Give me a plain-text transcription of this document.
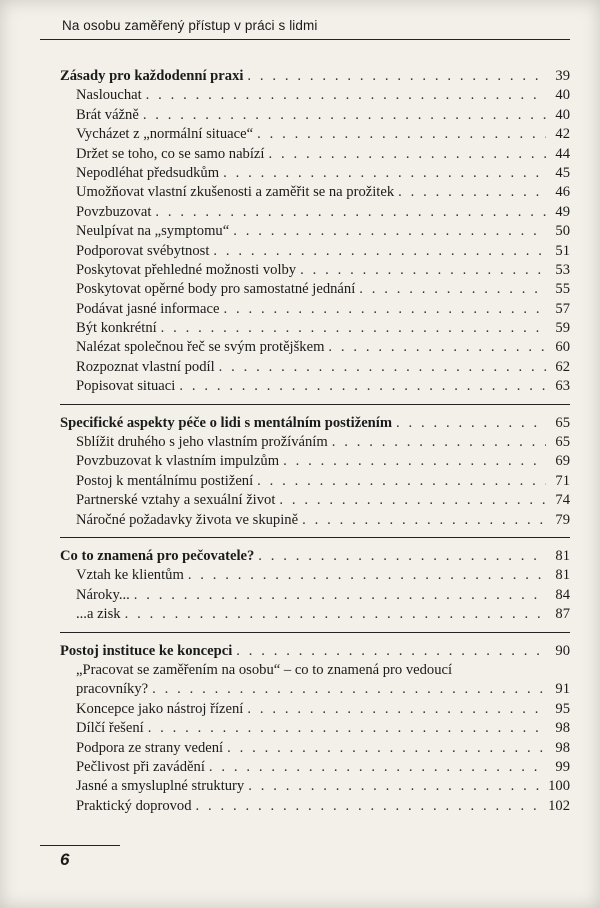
Na osobu zaměřený přístup v práci s lidmi
Zásady pro každodenní praxi . . .	39
Naslouchat . . .	40
Brát vážně . . .	40
Vycházet z „normální situace“ . . .	42
Držet se toho, co se samo nabízí . . .	44
Nepodléhat předsudkům . . .	45
Umožňovat vlastní zkušenosti a zaměřit se na prožitek . . .	46
Povzbuzovat . . .	49
Neulpívat na „symptomu“ . . .	50
Podporovat svébytnost . . .	51
Poskytovat přehledné možnosti volby . . .	53
Poskytovat opěrné body pro samostatné jednání . . .	55
Podávat jasné informace . . .	57
Být konkrétní . . .	59
Nalézat společnou řeč se svým protějškem . . .	60
Rozpoznat vlastní podíl . . .	62
Popisovat situaci . . .	63
Specifické aspekty péče o lidi s mentálním postižením . . .	65
Sblížit druhého s jeho vlastním prožíváním . . .	65
Povzbuzovat k vlastním impulzům . . .	69
Postoj k mentálnímu postižení . . .	71
Partnerské vztahy a sexuální život . . .	74
Náročné požadavky života ve skupině . . .	79
Co to znamená pro pečovatele? . . .	81
Vztah ke klientům . . .	81
Nároky... . . .	84
...a zisk . . .	87
Postoj instituce ke koncepci . . .	90
„Pracovat se zaměřením na osobu“ – co to znamená pro vedoucí
pracovníky? . . .	91
Koncepce jako nástroj řízení . . .	95
Dílčí řešení . . .	98
Podpora ze strany vedení . . .	98
Pečlivost při zavádění . . .	99
Jasné a smysluplné struktury . . .	100
Praktický doprovod . . .	102
6
